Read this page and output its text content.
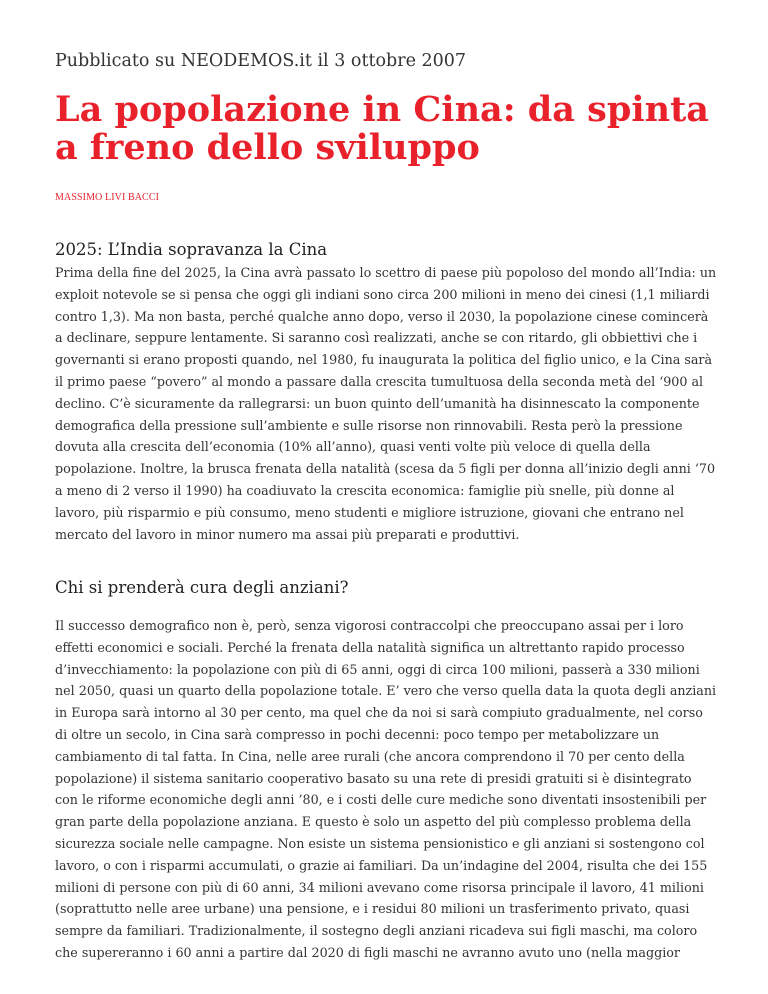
Pubblicato su NEODEMOS.it il 3 ottobre 2007
La popolazione in Cina: da spinta a freno dello sviluppo
MASSIMO LIVI BACCI
2025: L’India sopravanza la Cina

Prima della fine del 2025, la Cina avrà passato lo scettro di paese più popoloso del mondo all’India: un exploit notevole se si pensa che oggi gli indiani sono circa 200 milioni in meno dei cinesi (1,1 miliardi contro 1,3). Ma non basta, perché qualche anno dopo, verso il 2030, la popolazione cinese comincerà a declinare, seppure lentamente. Si saranno così realizzati, anche se con ritardo, gli obbiettivi che i governanti si erano proposti quando, nel 1980, fu inaugurata la politica del figlio unico, e la Cina sarà il primo paese “povero” al mondo a passare dalla crescita tumultuosa della seconda metà del ‘900 al declino. C’è sicuramente da rallegrarsi: un buon quinto dell’umanità ha disinnescato la componente demografica della pressione sull’ambiente e sulle risorse non rinnovabili. Resta però la pressione dovuta alla crescita dell’economia (10% all’anno), quasi venti volte più veloce di quella della popolazione. Inoltre, la brusca frenata della natalità (scesa da 5 figli per donna all’inizio degli anni ‘70 a meno di 2 verso il 1990) ha coadiuvato la crescita economica: famiglie più snelle, più donne al lavoro, più risparmio e più consumo, meno studenti e migliore istruzione, giovani che entrano nel mercato del lavoro in minor numero ma assai più preparati e produttivi.

Chi si prenderà cura degli anziani?

Il successo demografico non è, però, senza vigorosi contraccolpi che preoccupano assai per i loro effetti economici e sociali. Perché la frenata della natalità significa un altrettanto rapido processo d’invecchiamento: la popolazione con più di 65 anni, oggi di circa 100 milioni, passerà a 330 milioni nel 2050, quasi un quarto della popolazione totale. E’ vero che verso quella data la quota degli anziani in Europa sarà intorno al 30 per cento, ma quel che da noi si sarà compiuto gradualmente, nel corso di oltre un secolo, in Cina sarà compresso in pochi decenni: poco tempo per metabolizzare un cambiamento di tal fatta. In Cina, nelle aree rurali (che ancora comprendono il 70 per cento della popolazione) il sistema sanitario cooperativo basato su una rete di presidi gratuiti si è disintegrato con le riforme economiche degli anni ’80, e i costi delle cure mediche sono diventati insostenibili per gran parte della popolazione anziana. E questo è solo un aspetto del più complesso problema della sicurezza sociale nelle campagne. Non esiste un sistema pensionistico e gli anziani si sostengono col lavoro, o con i risparmi accumulati, o grazie ai familiari. Da un’indagine del 2004, risulta che dei 155 milioni di persone con più di 60 anni, 34 milioni avevano come risorsa principale il lavoro, 41 milioni (soprattutto nelle aree urbane) una pensione, e i residui 80 milioni un trasferimento privato, quasi sempre da familiari. Tradizionalmente, il sostegno degli anziani ricadeva sui figli maschi, ma coloro che supereranno i 60 anni a partire dal 2020 di figli maschi ne avranno avuto uno (nella maggior
